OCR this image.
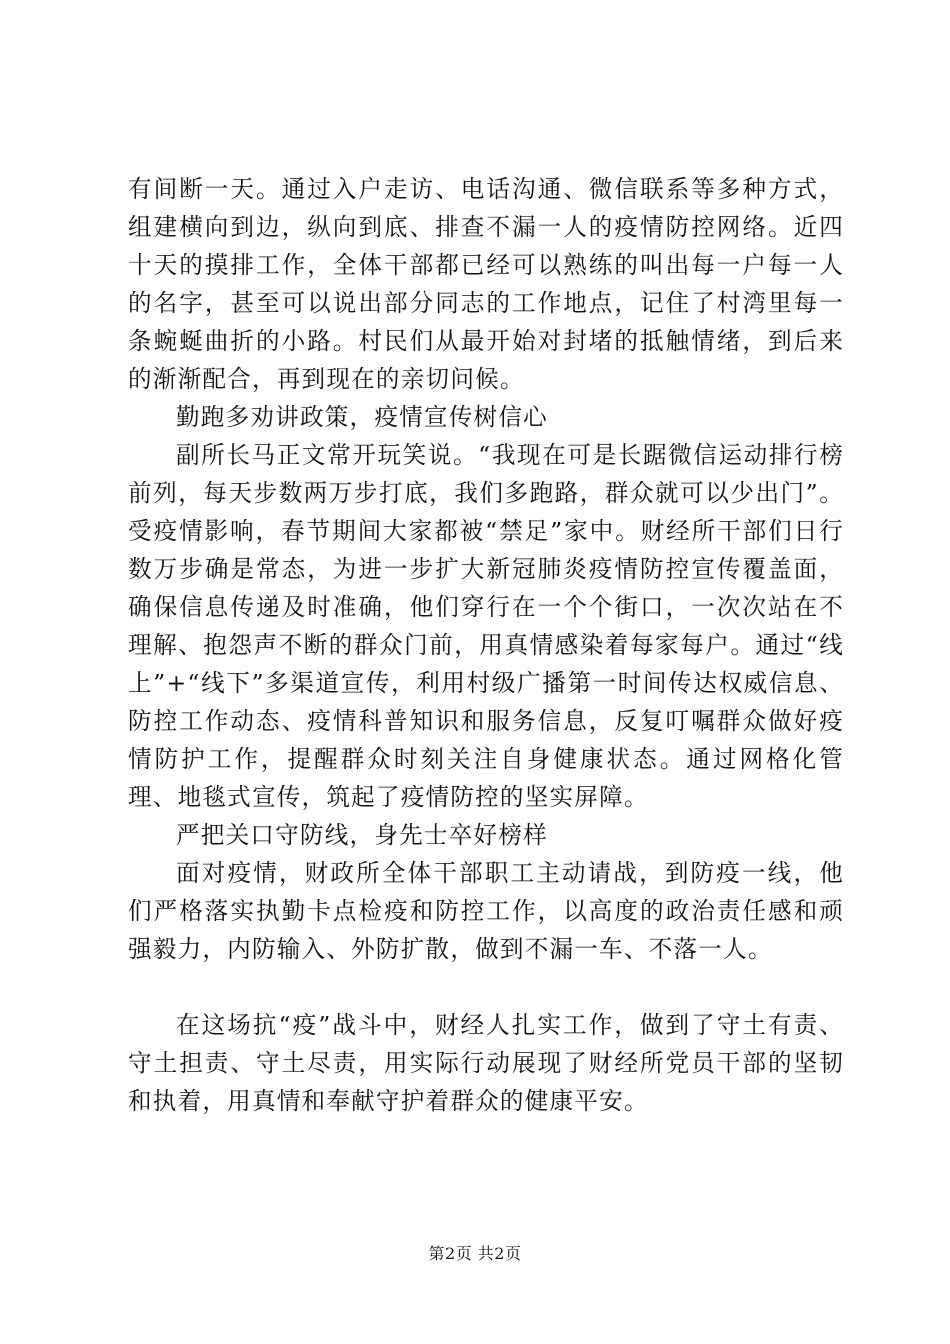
有间断一天。通过入户走访、电话沟通、微信联系等多种方式，组建横向到边，纵向到底、排查不漏一人的疫情防控网络。近四十天的摸排工作，全体干部都已经可以熟练的叫出每一户每一人的名字，甚至可以说出部分同志的工作地点，记住了村湾里每一条蜿蜒曲折的小路。村民们从最开始对封堵的抵触情绪，到后来的渐渐配合，再到现在的亲切问候。

勤跑多劝讲政策，疫情宣传树信心

副所长马正文常开玩笑说。“我现在可是长踞微信运动排行榜前列，每天步数两万步打底，我们多跑路，群众就可以少出门”。受疫情影响，春节期间大家都被“禁足”家中。财经所干部们日行数万步确是常态，为进一步扩大新冠肺炎疫情防控宣传覆盖面，确保信息传递及时准确，他们穿行在一个个街口，一次次站在不理解、抱怨声不断的群众门前，用真情感染着每家每户。通过“线上”+“线下”多渠道宣传，利用村级广播第一时间传达权威信息、防控工作动态、疫情科普知识和服务信息，反复叮嘱群众做好疫情防护工作，提醒群众时刻关注自身健康状态。通过网格化管理、地毯式宣传，筑起了疫情防控的坚实屏障。

严把关口守防线，身先士卒好榜样

面对疫情，财政所全体干部职工主动请战，到防疫一线，他们严格落实执勤卡点检疫和防控工作，以高度的政治责任感和顽强毅力，内防输入、外防扩散，做到不漏一车、不落一人。

在这场抗“疫”战斗中，财经人扎实工作，做到了守土有责、守土担责、守土尽责，用实际行动展现了财经所党员干部的坚韧和执着，用真情和奉献守护着群众的健康平安。

第2页 共2页
